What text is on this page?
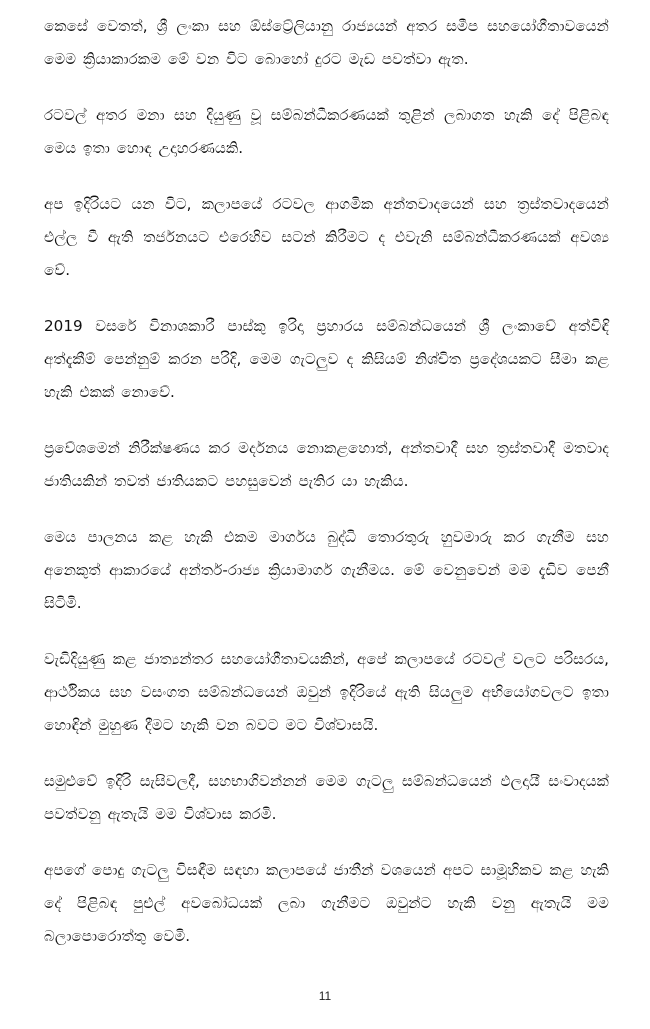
කෙසේ වෙතත්, ශ්‍රී ලංකා සහ ඕස්ට්‍රේලියානු රාජ්‍යයන් අතර සමීප සහයෝගීතාවයෙන් මෙම ක්‍රියාකාරකම මේ වන විට බොහෝ දුරට මැඩ පවත්වා ඇත.

රටවල් අතර මනා සහ දියුණු වූ සම්බන්ධීකරණයක් තුළින් ලබාගත හැකි දේ පිළිබඳ මෙය ඉතා හොඳ උදාහරණයකි.

අප ඉදිරියට යන විට, කලාපයේ රටවල ආගමික අන්තවාදයෙන් සහ ත්‍රස්තවාදයෙන් එල්ල වී ඇති තර්ජනයට එරෙහිව සටන් කිරීමට ද එවැනි සම්බන්ධීකරණයක් අවශ්‍ය වේ.

2019 වසරේ විනාශකාරී පාස්කු ඉරිදා ප්‍රහාරය සම්බන්ධයෙන් ශ්‍රී ලංකාවේ අත්විඳි අත්දැකීම් පෙන්නුම් කරන පරිදි, මෙම ගැටලුව ද කිසියම් නිශ්චිත ප්‍රදේශයකට සීමා කළ හැකි එකක් නොවේ.

ප්‍රවේශමෙන් නිරීක්ෂණය කර මර්දනය නොකළහොත්, අන්තවාදී සහ ත්‍රස්තවාදී මතවාද ජාතියකින් තවත් ජාතියකට පහසුවෙන් පැතිර යා හැකිය.

මෙය පාලනය කළ හැකි එකම මාර්ගය බුද්ධි තොරතුරු හුවමාරු කර ගැනීම සහ අනෙකුත් ආකාරයේ අන්තර්-රාජ්‍ය ක්‍රියාමාර්ග ගැනීමය. මේ වෙනුවෙන් මම දැඩිව පෙනී සිටිමි.

වැඩිදියුණු කළ ජාත්‍යන්තර සහයෝගීතාවයකින්, අපේ කලාපයේ රටවල් වලට පරිසරය, ආර්ථිකය සහ වසංගත සම්බන්ධයෙන් ඔවුන් ඉදිරියේ ඇති සියලුම අභියෝගවලට ඉතා හොඳින් මුහුණ දීමට හැකි වන බවට මට විශ්වාසයි.

සමුළුවේ ඉදිරි සැසිවලදී, සහභාගිවන්නන් මෙම ගැටලු සම්බන්ධයෙන් ඵලදායී සංවාදයක් පවත්වනු ඇතැයි මම විශ්වාස කරමි.

අපගේ පොදු ගැටලු විසඳීම සඳහා කලාපයේ ජාතීන් වශයෙන් අපට සාමූහිකව කළ හැකි දේ පිළිබඳ පුළුල් අවබෝධයක් ලබා ගැනීමට ඔවුන්ට හැකි වනු ඇතැයි මම බලාපොරොත්තු වෙමි.

11
